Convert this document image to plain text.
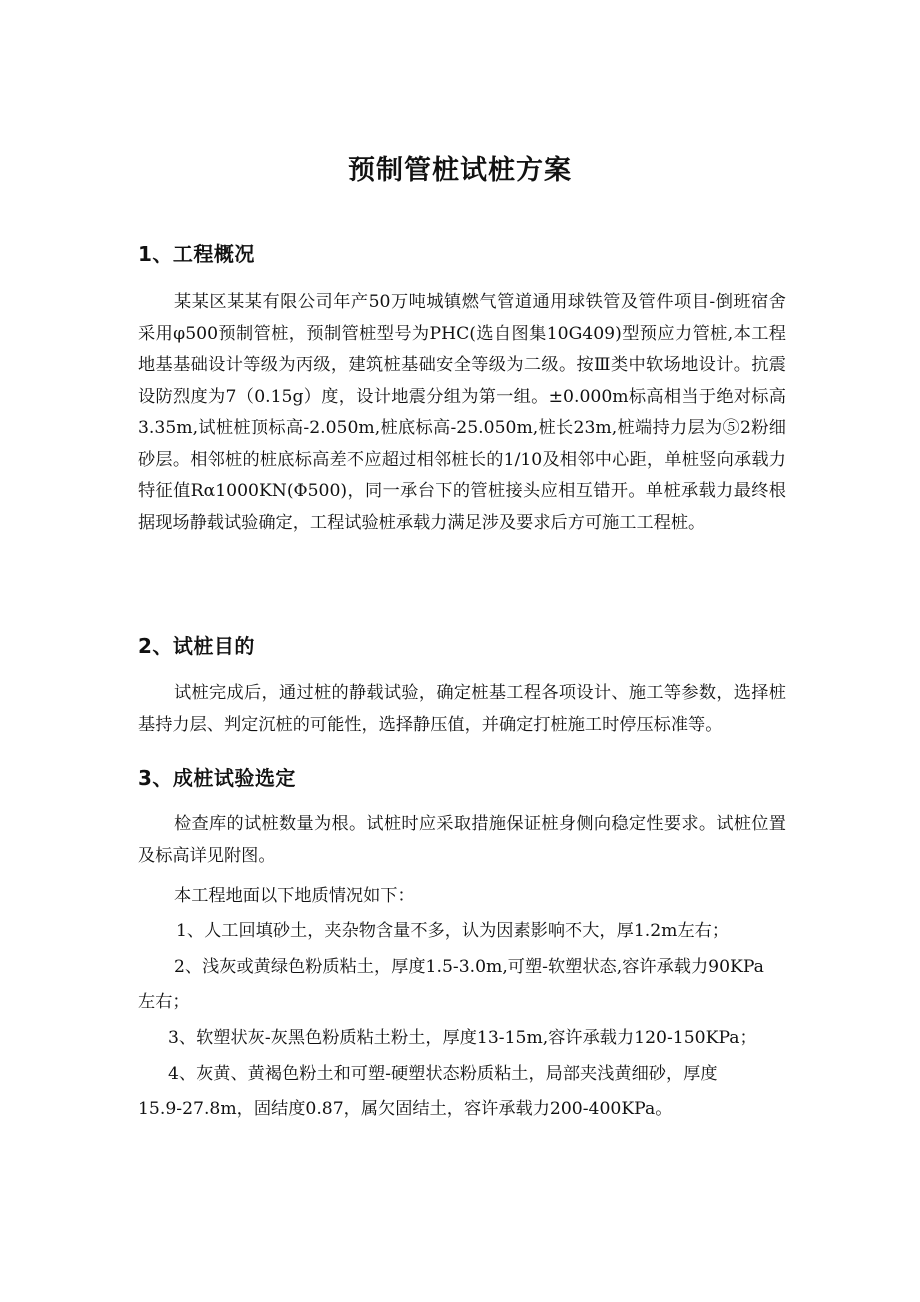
预制管桩试桩方案
1、工程概况
某某区某某有限公司年产50万吨城镇燃气管道通用球铁管及管件项目-倒班宿舍采用φ500预制管桩，预制管桩型号为PHC(选自图集10G409)型预应力管桩,本工程地基基础设计等级为丙级，建筑桩基础安全等级为二级。按Ⅲ类中软场地设计。抗震设防烈度为7（0.15g）度，设计地震分组为第一组。±0.000m标高相当于绝对标高3.35m,试桩桩顶标高-2.050m,桩底标高-25.050m,桩长23m,桩端持力层为⑤2粉细砂层。相邻桩的桩底标高差不应超过相邻桩长的1/10及相邻中心距，单桩竖向承载力特征值Rα1000KN(Φ500)，同一承台下的管桩接头应相互错开。单桩承载力最终根据现场静载试验确定，工程试验桩承载力满足涉及要求后方可施工工程桩。
2、试桩目的
试桩完成后，通过桩的静载试验，确定桩基工程各项设计、施工等参数，选择桩基持力层、判定沉桩的可能性，选择静压值，并确定打桩施工时停压标准等。
3、成桩试验选定
检查库的试桩数量为根。试桩时应采取措施保证桩身侧向稳定性要求。试桩位置及标高详见附图。
本工程地面以下地质情况如下：
1、人工回填砂土，夹杂物含量不多，认为因素影响不大，厚1.2m左右；
2、浅灰或黄绿色粉质粘土，厚度1.5-3.0m,可塑-软塑状态,容许承载力90KPa
左右；
3、软塑状灰-灰黑色粉质粘土粉土，厚度13-15m,容许承载力120-150KPa；
4、灰黄、黄褐色粉土和可塑-硬塑状态粉质粘土，局部夹浅黄细砂，厚度
15.9-27.8m，固结度0.87，属欠固结土，容许承载力200-400KPa。
